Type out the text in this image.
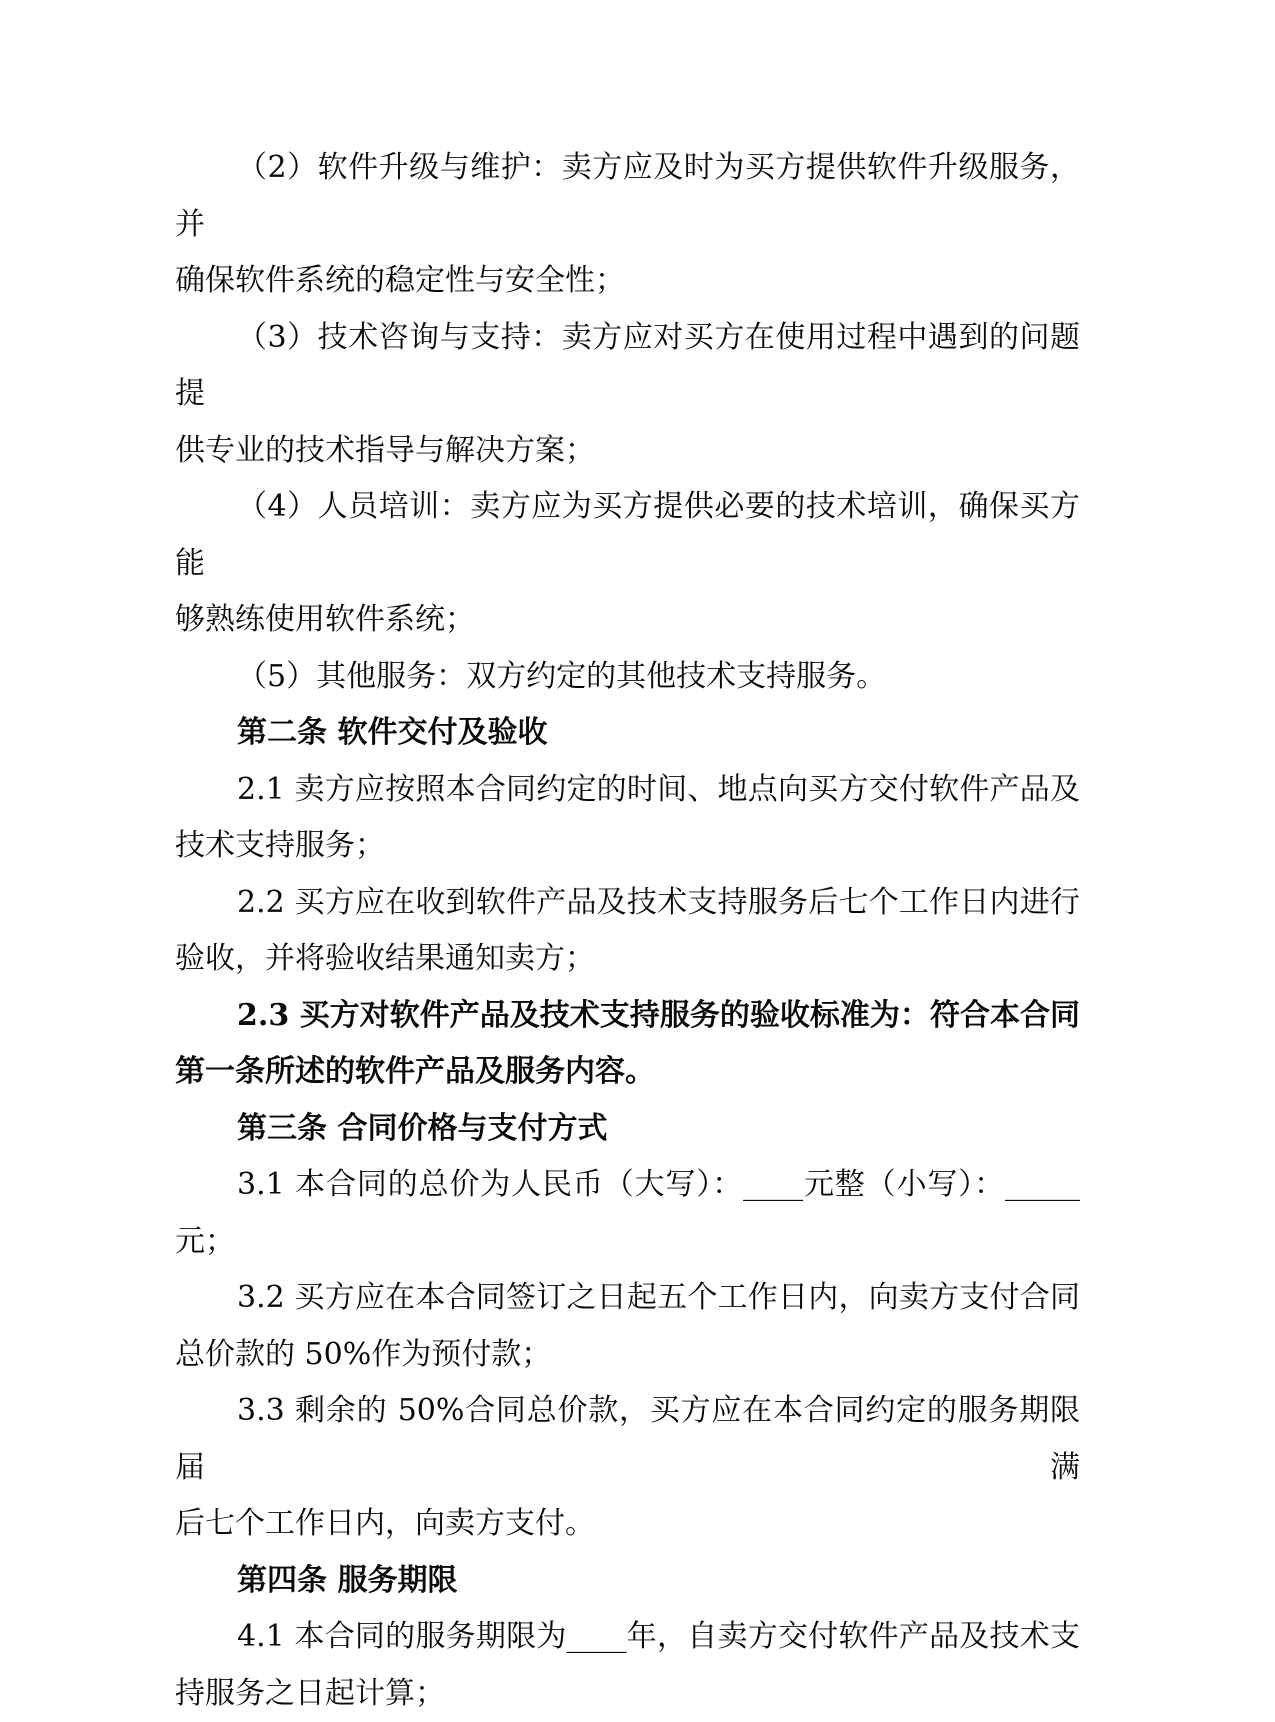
（2）软件升级与维护：卖方应及时为买方提供软件升级服务，并
确保软件系统的稳定性与安全性；
（3）技术咨询与支持：卖方应对买方在使用过程中遇到的问题提
供专业的技术指导与解决方案；
（4）人员培训：卖方应为买方提供必要的技术培训，确保买方能
够熟练使用软件系统；
（5）其他服务：双方约定的其他技术支持服务。
第二条 软件交付及验收
2.1 卖方应按照本合同约定的时间、地点向买方交付软件产品及
技术支持服务；
2.2 买方应在收到软件产品及技术支持服务后七个工作日内进行
验收，并将验收结果通知卖方；
2.3 买方对软件产品及技术支持服务的验收标准为：符合本合同
第一条所述的软件产品及服务内容。
第三条 合同价格与支付方式
3.1 本合同的总价为人民币（大写）：____元整（小写）：_____
元；
3.2 买方应在本合同签订之日起五个工作日内，向卖方支付合同
总价款的 50%作为预付款；
3.3 剩余的 50%合同总价款，买方应在本合同约定的服务期限届满
后七个工作日内，向卖方支付。
第四条 服务期限
4.1 本合同的服务期限为____年，自卖方交付软件产品及技术支
持服务之日起计算；
